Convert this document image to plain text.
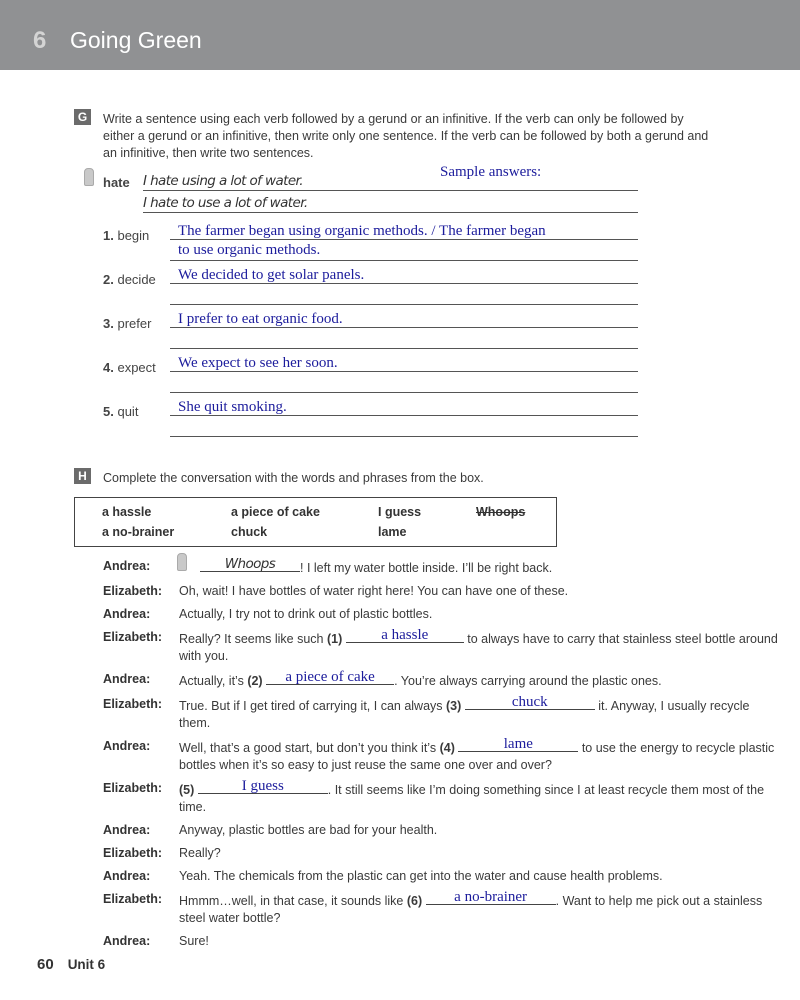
6 Going Green
G	Write a sentence using each verb followed by a gerund or an infinitive. If the verb can only be followed by either a gerund or an infinitive, then write only one sentence. If the verb can be followed by both a gerund and an infinitive, then write two sentences.
Sample answers:
hate I hate using a lot of water.
I hate to use a lot of water.
1. begin The farmer began using organic methods. / The farmer began
to use organic methods.
2. decide We decided to get solar panels.
3. prefer I prefer to eat organic food.
4. expect We expect to see her soon.
5. quit	She quit smoking.
H	Complete the conversation with the words and phrases from the box.
a hassle	a piece of cake	I guess	Whoops
a no-brainer	chuck	lame
Andrea:	Whoops	! I left my water bottle inside. I’ll be right back.
Elizabeth:	Oh, wait! I have bottles of water right here! You can have one of these.
Andrea:	Actually, I try not to drink out of plastic bottles.
Elizabeth:	Really? It seems like such (1)	a hassle	to always have to carry that stainless steel bottle around with you.
Andrea:	Actually, it’s (2)	a piece of cake	. You’re always carrying around the plastic ones.
Elizabeth:	True. But if I get tired of carrying it, I can always (3)	chuck	it. Anyway, I usually recycle them.
Andrea:	Well, that’s a good start, but don’t you think it’s (4)	lame	to use the energy to recycle plastic bottles when it’s so easy to just reuse the same one over and over?
Elizabeth:	(5)	I guess	. It still seems like I’m doing something since I at least recycle them most of the time.
Andrea:	Anyway, plastic bottles are bad for your health.
Elizabeth:	Really?
Andrea:	Yeah. The chemicals from the plastic can get into the water and cause health problems.
Elizabeth:	Hmmm…well, in that case, it sounds like (6)	a no-brainer	. Want to help me pick out a stainless steel water bottle?
Andrea:	Sure!
60 Unit 6
